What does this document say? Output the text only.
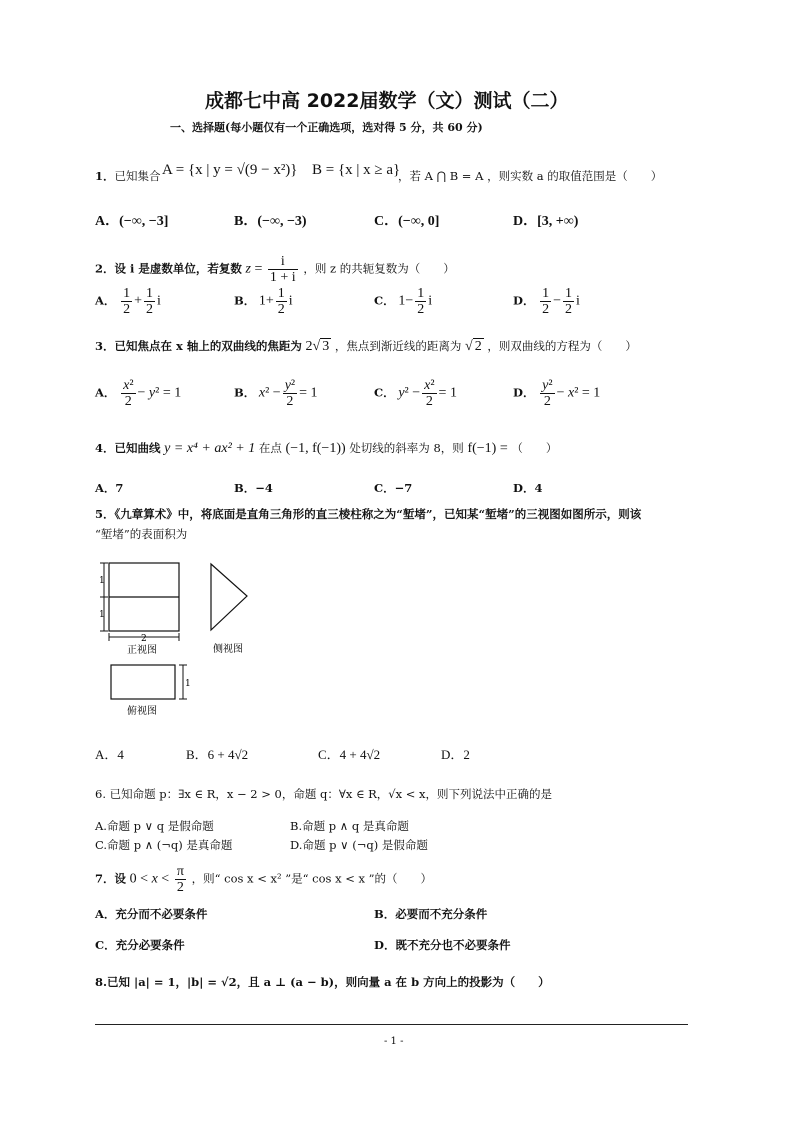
成都七中高 2022届数学（文）测试（二）
一、选择题(每小题仅有一个正确选项，选对得 5 分，共 60 分)
1．已知集合 A = {x | y = √(9 − x²)} B = {x | x ≥ a}
，若 A ⋂ B = A ，则实数 a 的取值范围是（　　）
A．(−∞, −3]	B．(−∞, −3)	C．(−∞, 0]	D．[3, +∞)
2．设 i 是虚数单位，若复数 $z = \frac{i}{1 + i}$ ，则 z 的共轭复数为（　　）
A． $\frac{1}{2} + \frac{1}{2}$ i	B． $1+ \frac{1}{2}$ i	C． $1- \frac{1}{2}$ i	D． $\frac{1}{2} - \frac{1}{2}$ i
3．已知焦点在 x 轴上的双曲线的焦距为 2√ 3 ，焦点到渐近线的距离为 √ 2 ，则双曲线的方程为（　　）
A． $\frac{\text{x²}}{2} - y^2 = 1$	B． $x^2 - \frac{\text{y²}}{2} = 1$	C． $y^2 - \frac{\text{x²}}{2} = 1$	D． $\frac{\text{y²}}{2} - x^2 = 1$
4．已知曲线 y = x⁴ + ax² + 1 在点 (−1, f(−1)) 处切线的斜率为 8，则 f(−1) = （　　）
A．7	B．−4	C．−7	D．4
5．《九章算术》中，将底面是直角三角形的直三棱柱称之为“堑堵”，已知某“堑堵”的三视图如图所示，则该
“堑堵”的表面积为
1
1
2
正视图
1
俯视图
侧视图
A．4	B．6 + 4√2	C．4 + 4√2	D．2
6. 已知命题 p：∃x ∈ R，x − 2 > 0，命题 q：∀x ∈ R，√x < x，则下列说法中正确的是
A.命题 p ∨ q 是假命题	B.命题 p ∧ q 是真命题
C.命题 p ∧ (¬q) 是真命题	D.命题 p ∨ (¬q) 是假命题
7．设 $0 < x < \frac{\pi}{2}$ ，则“ cos x < x² ”是“ cos x < x ”的（　　）
A．充分而不必要条件	B．必要而不充分条件
C．充分必要条件	D．既不充分也不必要条件
8.已知 |a| = 1，|b| = √2，且 a ⊥ (a − b)，则向量 a 在 b 方向上的投影为（　　）
- 1 -
